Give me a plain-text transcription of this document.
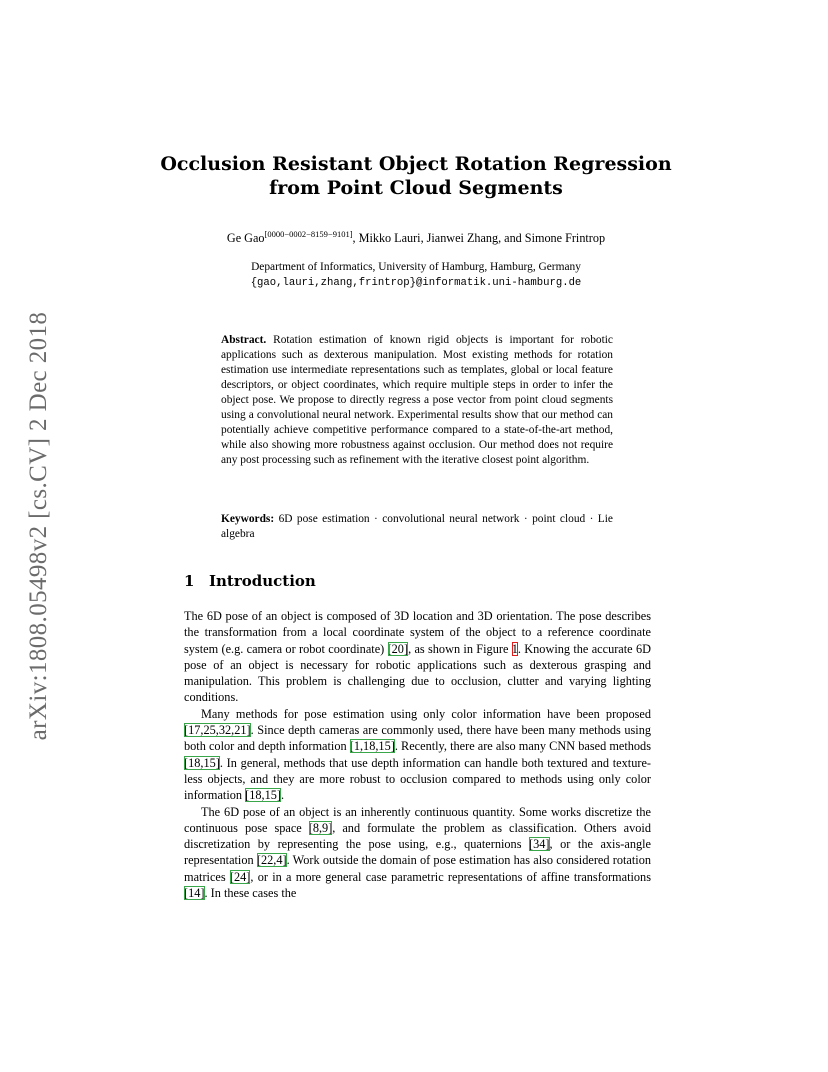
arXiv:1808.05498v2 [cs.CV] 2 Dec 2018
Occlusion Resistant Object Rotation Regression
from Point Cloud Segments
Ge Gao[0000−0002−8159−9101], Mikko Lauri, Jianwei Zhang, and Simone Frintrop
Department of Informatics, University of Hamburg, Hamburg, Germany
{gao,lauri,zhang,frintrop}@informatik.uni-hamburg.de
Abstract. Rotation estimation of known rigid objects is important for robotic applications such as dexterous manipulation. Most existing methods for rotation estimation use intermediate representations such as templates, global or local feature descriptors, or object coordinates, which require multiple steps in order to infer the object pose. We propose to directly regress a pose vector from point cloud segments using a convolutional neural network. Experimental results show that our method can potentially achieve competitive performance compared to a state-of-the-art method, while also showing more robustness against occlusion. Our method does not require any post processing such as refinement with the iterative closest point algorithm.
Keywords: 6D pose estimation · convolutional neural network · point cloud · Lie algebra
1 Introduction

The 6D pose of an object is composed of 3D location and 3D orientation. The pose describes the transformation from a local coordinate system of the object to a reference coordinate system (e.g. camera or robot coordinate) [20], as shown in Figure 1. Knowing the accurate 6D pose of an object is necessary for robotic applications such as dexterous grasping and manipulation. This problem is challenging due to occlusion, clutter and varying lighting conditions.

Many methods for pose estimation using only color information have been proposed [17,25,32,21]. Since depth cameras are commonly used, there have been many methods using both color and depth information [1,18,15]. Recently, there are also many CNN based methods [18,15]. In general, methods that use depth information can handle both textured and texture-less objects, and they are more robust to occlusion compared to methods using only color information [18,15].

The 6D pose of an object is an inherently continuous quantity. Some works discretize the continuous pose space [8,9], and formulate the problem as classification. Others avoid discretization by representing the pose using, e.g., quaternions [34], or the axis-angle representation [22,4]. Work outside the domain of pose estimation has also considered rotation matrices [24], or in a more general case parametric representations of affine transformations [14]. In these cases the
